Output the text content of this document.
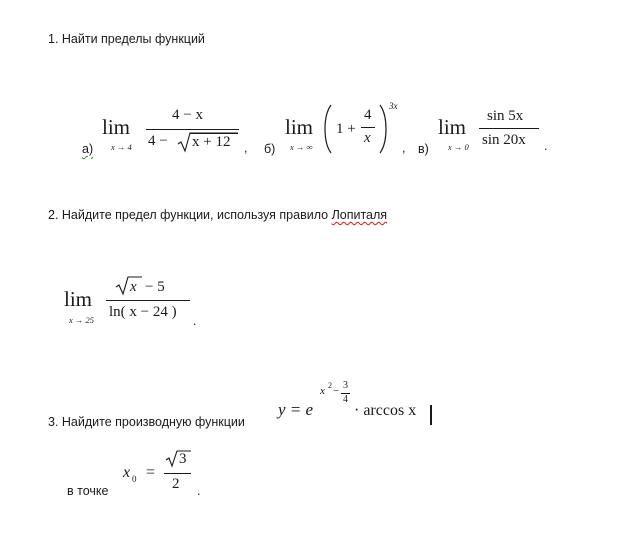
1. Найти пределы функций
а)
lim
x → 4
4 − x
4 − x + 12 , б)
lim
x → ∞
1 +
4
x
3x
, в)
lim
x → 0
sin 5x
sin 20x .
2. Найдите предел функции, используя правило Лопиталя
lim
x → 25
x − 5
ln( x − 24 )
.
3. Найдите производную функции
y = e
x 2 − 3
4
· arccos x
в точке
x 0 =
3
2 .
